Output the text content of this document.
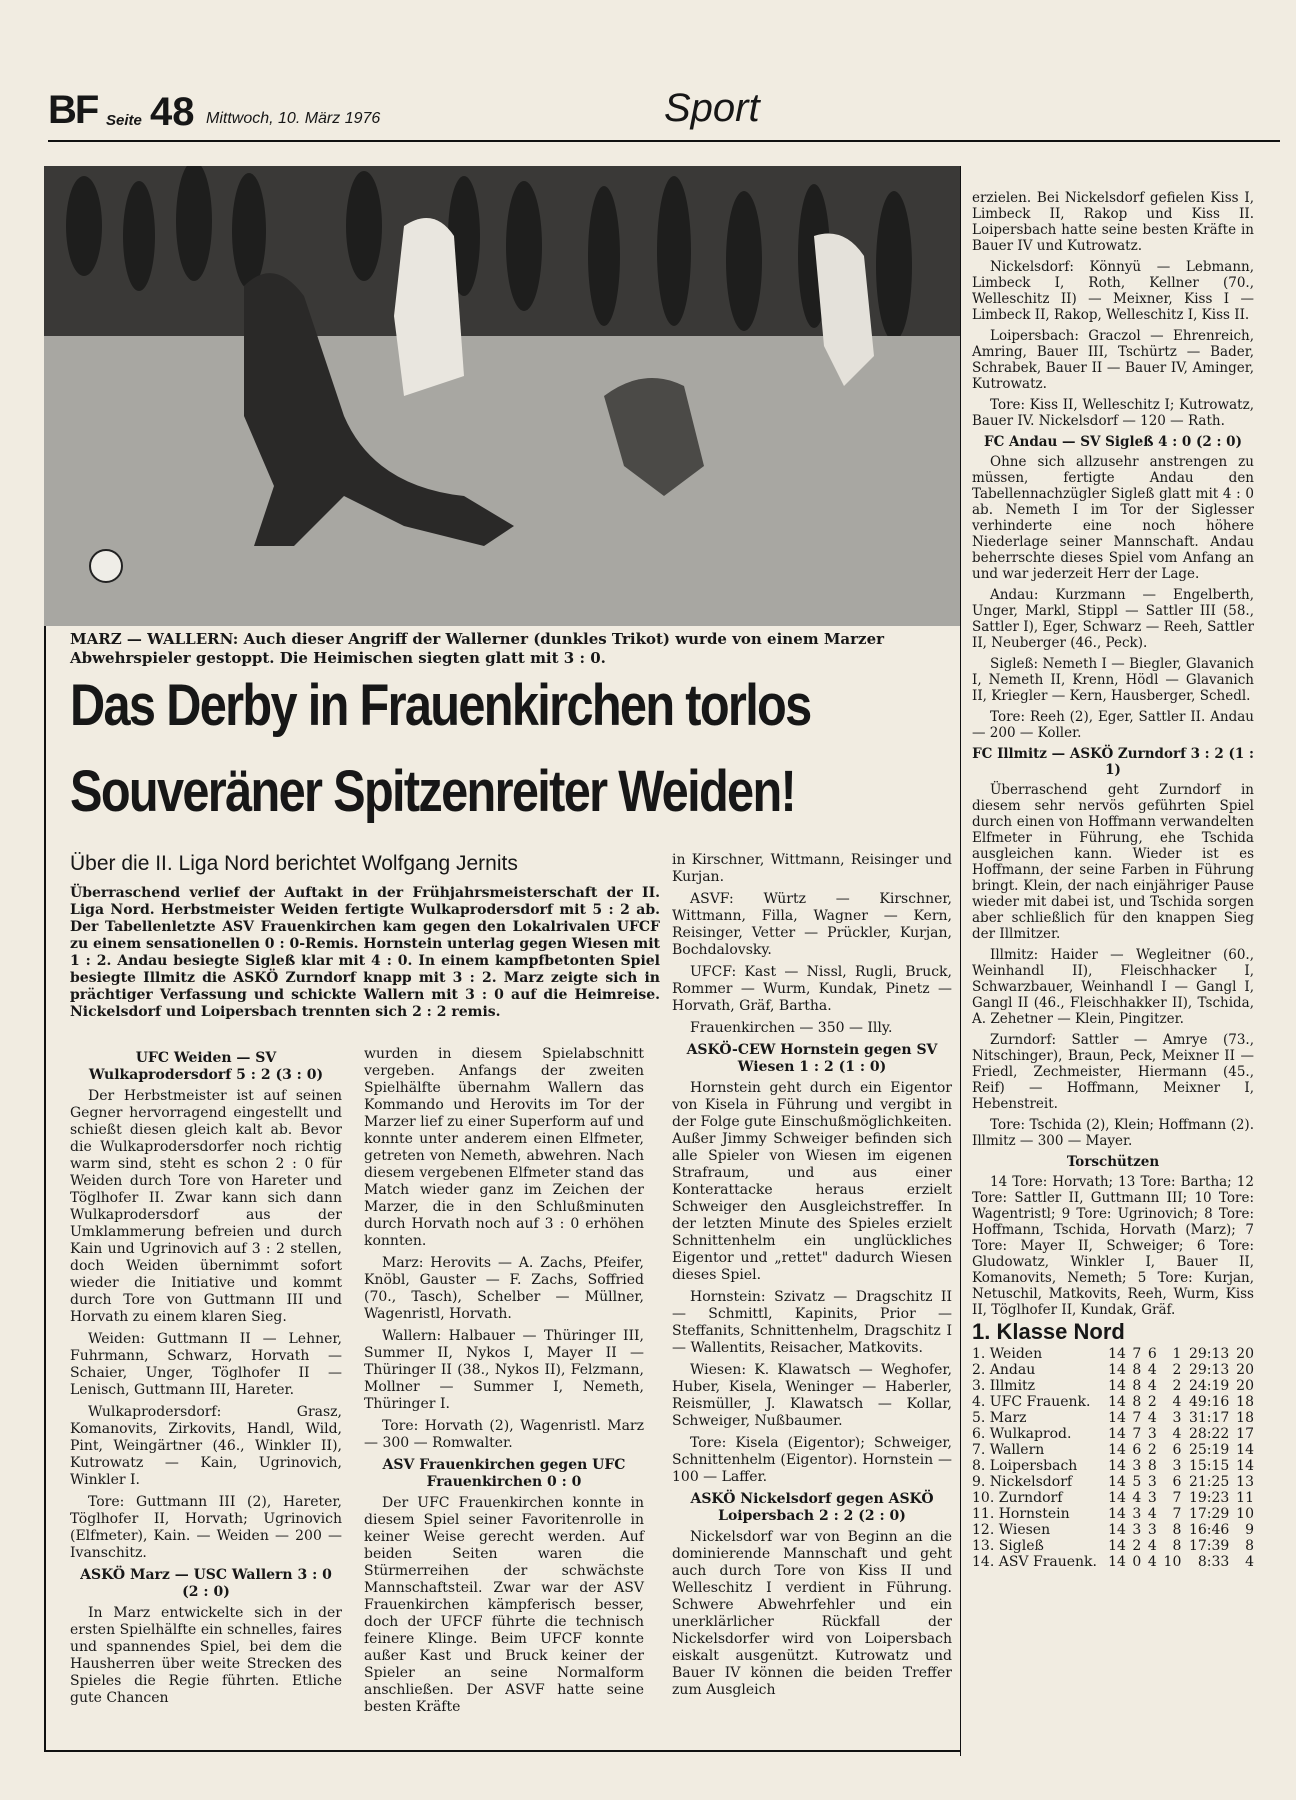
BF Seite 48 Mittwoch, 10. März 1976	Sport
MARZ — WALLERN: Auch dieser Angriff der Wallerner (dunkles Trikot) wurde von einem Marzer Abwehrspieler gestoppt. Die Heimischen siegten glatt mit 3 : 0.
Das Derby in Frauenkirchen torlos
Souveräner Spitzenreiter Weiden!
Über die II. Liga Nord berichtet Wolfgang Jernits
Überraschend verlief der Auftakt in der Frühjahrsmeisterschaft der II. Liga Nord. Herbstmeister Weiden fertigte Wulkaprodersdorf mit 5 : 2 ab. Der Tabellenletzte ASV Frauenkirchen kam gegen den Lokalrivalen UFCF zu einem sensationellen 0 : 0-Remis. Hornstein unterlag gegen Wiesen mit 1 : 2. Andau besiegte Sigleß klar mit 4 : 0. In einem kampfbetonten Spiel besiegte Illmitz die ASKÖ Zurndorf knapp mit 3 : 2. Marz zeigte sich in prächtiger Verfassung und schickte Wallern mit 3 : 0 auf die Heimreise. Nickelsdorf und Loipersbach trennten sich 2 : 2 remis.

UFC Weiden — SV Wulkaprodersdorf 5 : 2 (3 : 0)

Der Herbstmeister ist auf seinen Gegner hervorragend eingestellt und schießt diesen gleich kalt ab. Bevor die Wulkaprodersdorfer noch richtig warm sind, steht es schon 2 : 0 für Weiden durch Tore von Hareter und Töglhofer II. Zwar kann sich dann Wulkaprodersdorf aus der Umklammerung befreien und durch Kain und Ugrinovich auf 3 : 2 stellen, doch Weiden übernimmt sofort wieder die Initiative und kommt durch Tore von Guttmann III und Horvath zu einem klaren Sieg.

Weiden: Guttmann II — Lehner, Fuhrmann, Schwarz, Horvath — Schaier, Unger, Töglhofer II — Lenisch, Guttmann III, Hareter.

Wulkaprodersdorf: Grasz, Komanovits, Zirkovits, Handl, Wild, Pint, Weingärtner (46., Winkler II), Kutrowatz — Kain, Ugrinovich, Winkler I.

Tore: Guttmann III (2), Hareter, Töglhofer II, Horvath; Ugrinovich (Elfmeter), Kain. — Weiden — 200 — Ivanschitz.

ASKÖ Marz — USC Wallern 3 : 0 (2 : 0)

In Marz entwickelte sich in der ersten Spielhälfte ein schnelles, faires und spannendes Spiel, bei dem die Hausherren über weite Strecken des Spieles die Regie führten. Etliche gute Chancen

wurden in diesem Spielabschnitt vergeben. Anfangs der zweiten Spielhälfte übernahm Wallern das Kommando und Herovits im Tor der Marzer lief zu einer Superform auf und konnte unter anderem einen Elfmeter, getreten von Nemeth, abwehren. Nach diesem vergebenen Elfmeter stand das Match wieder ganz im Zeichen der Marzer, die in den Schlußminuten durch Horvath noch auf 3 : 0 erhöhen konnten.

Marz: Herovits — A. Zachs, Pfeifer, Knöbl, Gauster — F. Zachs, Soffried (70., Tasch), Schelber — Müllner, Wagenristl, Horvath.

Wallern: Halbauer — Thüringer III, Summer II, Nykos I, Mayer II — Thüringer II (38., Nykos II), Felzmann, Mollner — Summer I, Nemeth, Thüringer I.

Tore: Horvath (2), Wagenristl. Marz — 300 — Romwalter.

ASV Frauenkirchen gegen UFC Frauenkirchen 0 : 0

Der UFC Frauenkirchen konnte in diesem Spiel seiner Favoritenrolle in keiner Weise gerecht werden. Auf beiden Seiten waren die Stürmerreihen der schwächste Mannschaftsteil. Zwar war der ASV Frauenkirchen kämpferisch besser, doch der UFCF führte die technisch feinere Klinge. Beim UFCF konnte außer Kast und Bruck keiner der Spieler an seine Normalform anschließen. Der ASVF hatte seine besten Kräfte

in Kirschner, Wittmann, Reisinger und Kurjan.

ASVF: Würtz — Kirschner, Wittmann, Filla, Wagner — Kern, Reisinger, Vetter — Prückler, Kurjan, Bochdalovsky.

UFCF: Kast — Nissl, Rugli, Bruck, Rommer — Wurm, Kundak, Pinetz — Horvath, Gräf, Bartha.

Frauenkirchen — 350 — Illy.

ASKÖ-CEW Hornstein gegen SV Wiesen 1 : 2 (1 : 0)

Hornstein geht durch ein Eigentor von Kisela in Führung und vergibt in der Folge gute Einschußmöglichkeiten. Außer Jimmy Schweiger befinden sich alle Spieler von Wiesen im eigenen Strafraum, und aus einer Konterattacke heraus erzielt Schweiger den Ausgleichstreffer. In der letzten Minute des Spieles erzielt Schnittenhelm ein unglückliches Eigentor und „rettet" dadurch Wiesen dieses Spiel.

Hornstein: Szivatz — Dragschitz II — Schmittl, Kapinits, Prior — Steffanits, Schnittenhelm, Dragschitz I — Wallentits, Reisacher, Matkovits.

Wiesen: K. Klawatsch — Weghofer, Huber, Kisela, Weninger — Haberler, Reismüller, J. Klawatsch — Kollar, Schweiger, Nußbaumer.

Tore: Kisela (Eigentor); Schweiger, Schnittenhelm (Eigentor). Hornstein — 100 — Laffer.

ASKÖ Nickelsdorf gegen ASKÖ Loipersbach 2 : 2 (2 : 0)

Nickelsdorf war von Beginn an die dominierende Mannschaft und geht auch durch Tore von Kiss II und Welleschitz I verdient in Führung. Schwere Abwehrfehler und ein unerklärlicher Rückfall der Nickelsdorfer wird von Loipersbach eiskalt ausgenützt. Kutrowatz und Bauer IV können die beiden Treffer zum Ausgleich

erzielen. Bei Nickelsdorf gefielen Kiss I, Limbeck II, Rakop und Kiss II. Loipersbach hatte seine besten Kräfte in Bauer IV und Kutrowatz.

Nickelsdorf: Könnyü — Lebmann, Limbeck I, Roth, Kellner (70., Welleschitz II) — Meixner, Kiss I — Limbeck II, Rakop, Welleschitz I, Kiss II.

Loipersbach: Graczol — Ehrenreich, Amring, Bauer III, Tschürtz — Bader, Schrabek, Bauer II — Bauer IV, Aminger, Kutrowatz.

Tore: Kiss II, Welleschitz I; Kutrowatz, Bauer IV. Nickelsdorf — 120 — Rath.

FC Andau — SV Sigleß 4 : 0 (2 : 0)

Ohne sich allzusehr anstrengen zu müssen, fertigte Andau den Tabellennachzügler Sigleß glatt mit 4 : 0 ab. Nemeth I im Tor der Siglesser verhinderte eine noch höhere Niederlage seiner Mannschaft. Andau beherrschte dieses Spiel vom Anfang an und war jederzeit Herr der Lage.

Andau: Kurzmann — Engelberth, Unger, Markl, Stippl — Sattler III (58., Sattler I), Eger, Schwarz — Reeh, Sattler II, Neuberger (46., Peck).

Sigleß: Nemeth I — Biegler, Glavanich I, Nemeth II, Krenn, Hödl — Glavanich II, Kriegler — Kern, Hausberger, Schedl.

Tore: Reeh (2), Eger, Sattler II. Andau — 200 — Koller.

FC Illmitz — ASKÖ Zurndorf 3 : 2 (1 : 1)

Überraschend geht Zurndorf in diesem sehr nervös geführten Spiel durch einen von Hoffmann verwandelten Elfmeter in Führung, ehe Tschida ausgleichen kann. Wieder ist es Hoffmann, der seine Farben in Führung bringt. Klein, der nach einjähriger Pause wieder mit dabei ist, und Tschida sorgen aber schließlich für den knappen Sieg der Illmitzer.

Illmitz: Haider — Wegleitner (60., Weinhandl II), Fleischhacker I, Schwarzbauer, Weinhandl I — Gangl I, Gangl II (46., Fleischhakker II), Tschida, A. Zehetner — Klein, Pingitzer.

Zurndorf: Sattler — Amrye (73., Nitschinger), Braun, Peck, Meixner II — Friedl, Zechmeister, Hiermann (45., Reif) — Hoffmann, Meixner I, Hebenstreit.

Tore: Tschida (2), Klein; Hoffmann (2). Illmitz — 300 — Mayer.

Torschützen

14 Tore: Horvath; 13 Tore: Bartha; 12 Tore: Sattler II, Guttmann III; 10 Tore: Wagentristl; 9 Tore: Ugrinovich; 8 Tore: Hoffmann, Tschida, Horvath (Marz); 7 Tore: Mayer II, Schweiger; 6 Tore: Gludowatz, Winkler I, Bauer II, Komanovits, Nemeth; 5 Tore: Kurjan, Netuschil, Matkovits, Reeh, Wurm, Kiss II, Töglhofer II, Kundak, Gräf.

1. Klasse Nord
1. Weiden	14	7	6	1	29:13	20
2. Andau	14	8	4	2	29:13	20
3. Illmitz	14	8	4	2	24:19	20
4. UFC Frauenk.	14	8	2	4	49:16	18
5. Marz	14	7	4	3	31:17	18
6. Wulkaprod.	14	7	3	4	28:22	17
7. Wallern	14	6	2	6	25:19	14
8. Loipersbach	14	3	8	3	15:15	14
9. Nickelsdorf	14	5	3	6	21:25	13
10. Zurndorf	14	4	3	7	19:23	11
11. Hornstein	14	3	4	7	17:29	10
12. Wiesen	14	3	3	8	16:46	9
13. Sigleß	14	2	4	8	17:39	8
14. ASV Frauenk.	14	0	4	10	8:33	4
